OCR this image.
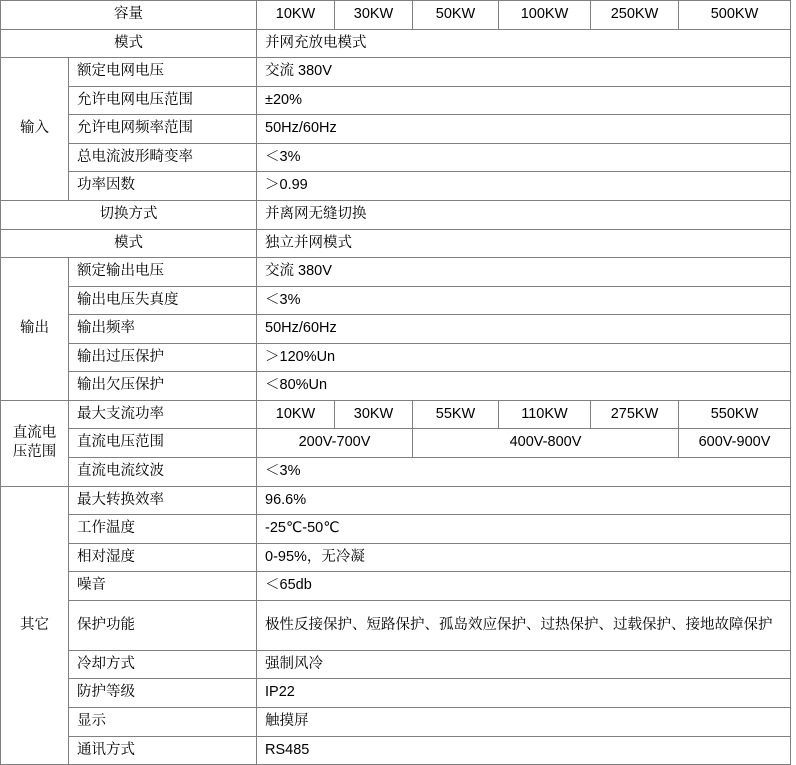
容量		10KW	30KW	50KW	100KW	250KW	500KW
模式		并网充放电模式					
输入	额定电网电压	交流 380V					
	允许电网电压范围	±20%					
	允许电网频率范围	50Hz/60Hz					
	总电流波形畸变率	＜3%					
	功率因数	＞0.99					
切换方式		并离网无缝切换					
模式		独立并网模式					
输出	额定输出电压	交流 380V					
	输出电压失真度	＜3%					
	输出频率	50Hz/60Hz					
	输出过压保护	＞120%Un					
	输出欠压保护	＜80%Un					
直流电压范围	最大支流功率	10KW	30KW	55KW	110KW	275KW	550KW
	直流电压范围	200V-700V		400V-800V			600V-900V
	直流电流纹波	＜3%					
其它	最大转换效率	96.6%					
	工作温度	-25℃-50℃					
	相对湿度	0-95%，无冷凝					
	噪音	＜65db					
	保护功能	极性反接保护、短路保护、孤岛效应保护、过热保护、过载保护、接地故障保护					
	冷却方式	强制风冷					
	防护等级	IP22					
	显示	触摸屏					
	通讯方式	RS485					
